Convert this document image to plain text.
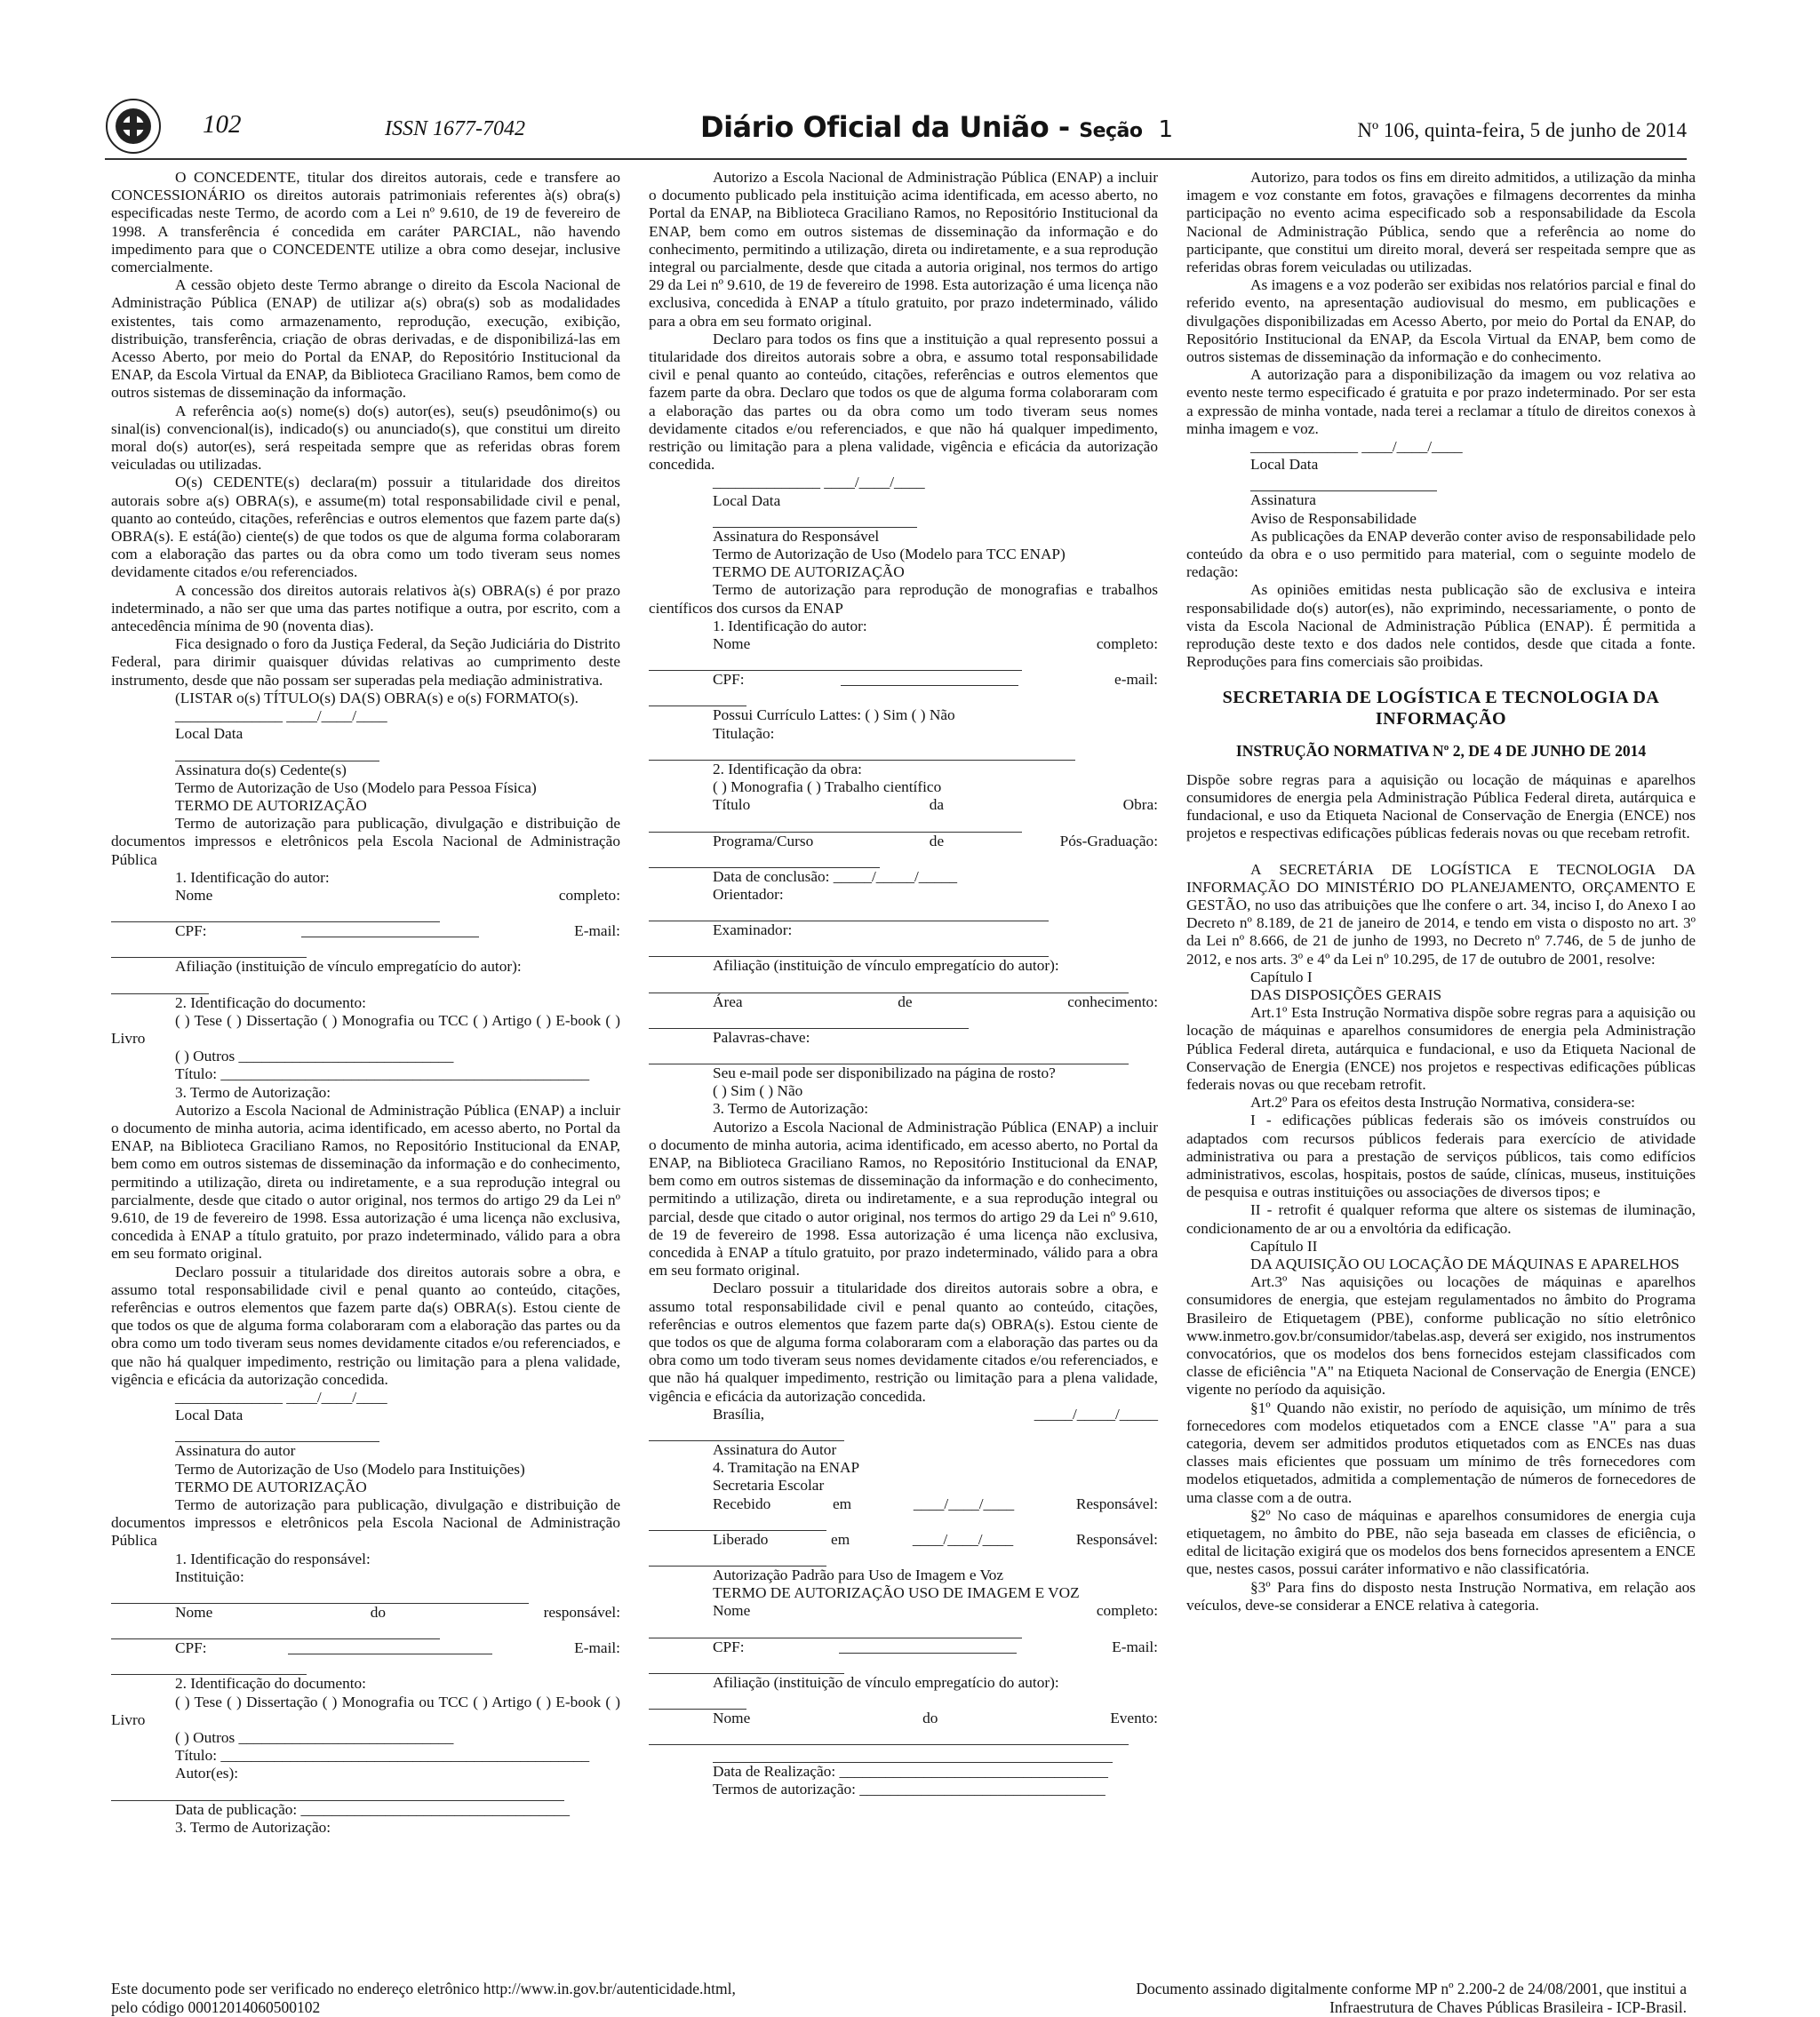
102	ISSN 1677-7042	Diário Oficial da União - Seção 1	Nº 106, quinta-feira, 5 de junho de 2014

O CONCEDENTE, titular dos direitos autorais, cede e transfere ao CONCESSIONÁRIO os direitos autorais patrimoniais referentes à(s) obra(s) especificadas neste Termo, de acordo com a Lei nº 9.610, de 19 de fevereiro de 1998. A transferência é concedida em caráter PARCIAL, não havendo impedimento para que o CONCEDENTE utilize a obra como desejar, inclusive comercialmente.

A cessão objeto deste Termo abrange o direito da Escola Nacional de Administração Pública (ENAP) de utilizar a(s) obra(s) sob as modalidades existentes, tais como armazenamento, reprodução, execução, exibição, distribuição, transferência, criação de obras derivadas, e de disponibilizá-las em Acesso Aberto, por meio do Portal da ENAP, do Repositório Institucional da ENAP, da Escola Virtual da ENAP, da Biblioteca Graciliano Ramos, bem como de outros sistemas de disseminação da informação.

A referência ao(s) nome(s) do(s) autor(es), seu(s) pseudônimo(s) ou sinal(is) convencional(is), indicado(s) ou anunciado(s), que constitui um direito moral do(s) autor(es), será respeitada sempre que as referidas obras forem veiculadas ou utilizadas.

O(s) CEDENTE(s) declara(m) possuir a titularidade dos direitos autorais sobre a(s) OBRA(s), e assume(m) total responsabilidade civil e penal, quanto ao conteúdo, citações, referências e outros elementos que fazem parte da(s) OBRA(s). E está(ão) ciente(s) de que todos os que de alguma forma colaboraram com a elaboração das partes ou da obra como um todo tiveram seus nomes devidamente citados e/ou referenciados.

A concessão dos direitos autorais relativos à(s) OBRA(s) é por prazo indeterminado, a não ser que uma das partes notifique a outra, por escrito, com a antecedência mínima de 90 (noventa dias).

Fica designado o foro da Justiça Federal, da Seção Judiciária do Distrito Federal, para dirimir quaisquer dúvidas relativas ao cumprimento deste instrumento, desde que não possam ser superadas pela mediação administrativa.

(LISTAR o(s) TÍTULO(s) DA(S) OBRA(s) e o(s) FORMATO(s).

______________ ____/____/____

Local Data

Assinatura do(s) Cedente(s)

Termo de Autorização de Uso (Modelo para Pessoa Física)

TERMO DE AUTORIZAÇÃO

Termo de autorização para publicação, divulgação e distribuição de documentos impressos e eletrônicos pela Escola Nacional de Administração Pública

1. Identificação do autor:

Nome	completo:
CPF:	E-mail:

Afiliação (instituição de vínculo empregatício do autor):

2. Identificação do documento:

( ) Tese ( ) Dissertação ( ) Monografia ou TCC ( ) Artigo ( ) E-book ( ) Livro

( ) Outros ____________________________

Título: ________________________________________________

3. Termo de Autorização:

Autorizo a Escola Nacional de Administração Pública (ENAP) a incluir o documento de minha autoria, acima identificado, em acesso aberto, no Portal da ENAP, na Biblioteca Graciliano Ramos, no Repositório Institucional da ENAP, bem como em outros sistemas de disseminação da informação e do conhecimento, permitindo a utilização, direta ou indiretamente, e a sua reprodução integral ou parcialmente, desde que citado o autor original, nos termos do artigo 29 da Lei nº 9.610, de 19 de fevereiro de 1998. Essa autorização é uma licença não exclusiva, concedida à ENAP a título gratuito, por prazo indeterminado, válido para a obra em seu formato original.

Declaro possuir a titularidade dos direitos autorais sobre a obra, e assumo total responsabilidade civil e penal quanto ao conteúdo, citações, referências e outros elementos que fazem parte da(s) OBRA(s). Estou ciente de que todos os que de alguma forma colaboraram com a elaboração das partes ou da obra como um todo tiveram seus nomes devidamente citados e/ou referenciados, e que não há qualquer impedimento, restrição ou limitação para a plena validade, vigência e eficácia da autorização concedida.

______________ ____/____/____

Local Data

Assinatura do autor

Termo de Autorização de Uso (Modelo para Instituições)

TERMO DE AUTORIZAÇÃO

Termo de autorização para publicação, divulgação e distribuição de documentos impressos e eletrônicos pela Escola Nacional de Administração Pública

1. Identificação do responsável:

Instituição:

Nome	do	responsável:
CPF:	E-mail:

2. Identificação do documento:

( ) Tese ( ) Dissertação ( ) Monografia ou TCC ( ) Artigo ( ) E-book ( ) Livro

( ) Outros ____________________________

Título: ________________________________________________

Autor(es):

Data de publicação: ___________________________________

3. Termo de Autorização:

Autorizo a Escola Nacional de Administração Pública (ENAP) a incluir o documento publicado pela instituição acima identificada, em acesso aberto, no Portal da ENAP, na Biblioteca Graciliano Ramos, no Repositório Institucional da ENAP, bem como em outros sistemas de disseminação da informação e do conhecimento, permitindo a utilização, direta ou indiretamente, e a sua reprodução integral ou parcialmente, desde que citada a autoria original, nos termos do artigo 29 da Lei nº 9.610, de 19 de fevereiro de 1998. Esta autorização é uma licença não exclusiva, concedida à ENAP a título gratuito, por prazo indeterminado, válido para a obra em seu formato original.

Declaro para todos os fins que a instituição a qual represento possui a titularidade dos direitos autorais sobre a obra, e assumo total responsabilidade civil e penal quanto ao conteúdo, citações, referências e outros elementos que fazem parte da obra. Declaro que todos os que de alguma forma colaboraram com a elaboração das partes ou da obra como um todo tiveram seus nomes devidamente citados e/ou referenciados, e que não há qualquer impedimento, restrição ou limitação para a plena validade, vigência e eficácia da autorização concedida.

______________ ____/____/____

Local Data

Assinatura do Responsável

Termo de Autorização de Uso (Modelo para TCC ENAP)

TERMO DE AUTORIZAÇÃO

Termo de autorização para reprodução de monografias e trabalhos científicos dos cursos da ENAP

1. Identificação do autor:

Nome	completo:
CPF:	e-mail:

Possui Currículo Lattes: ( ) Sim ( ) Não

Titulação:

2. Identificação da obra:

( ) Monografia ( ) Trabalho científico

Título	da	Obra:
Programa/Curso	de	Pós-Graduação:

Data de conclusão: _____/_____/_____

Orientador:

Examinador:

Afiliação (instituição de vínculo empregatício do autor):

Área	de	conhecimento:

Palavras-chave:

Seu e-mail pode ser disponibilizado na página de rosto?

( ) Sim ( ) Não

3. Termo de Autorização:

Autorizo a Escola Nacional de Administração Pública (ENAP) a incluir o documento de minha autoria, acima identificado, em acesso aberto, no Portal da ENAP, na Biblioteca Graciliano Ramos, no Repositório Institucional da ENAP, bem como em outros sistemas de disseminação da informação e do conhecimento, permitindo a utilização, direta ou indiretamente, e a sua reprodução integral ou parcial, desde que citado o autor original, nos termos do artigo 29 da Lei nº 9.610, de 19 de fevereiro de 1998. Essa autorização é uma licença não exclusiva, concedida à ENAP a título gratuito, por prazo indeterminado, válido para a obra em seu formato original.

Declaro possuir a titularidade dos direitos autorais sobre a obra, e assumo total responsabilidade civil e penal quanto ao conteúdo, citações, referências e outros elementos que fazem parte da(s) OBRA(s). Estou ciente de que todos os que de alguma forma colaboraram com a elaboração das partes ou da obra como um todo tiveram seus nomes devidamente citados e/ou referenciados, e que não há qualquer impedimento, restrição ou limitação para a plena validade, vigência e eficácia da autorização concedida.

Brasília,	_____/_____/_____

Assinatura do Autor

4. Tramitação na ENAP

Secretaria Escolar

Recebido	em	____/____/____	Responsável:
Liberado	em	____/____/____	Responsável:

Autorização Padrão para Uso de Imagem e Voz

TERMO DE AUTORIZAÇÃO USO DE IMAGEM E VOZ

Nome	completo:
CPF:	E-mail:

Afiliação (instituição de vínculo empregatício do autor):

Nome	do	Evento:

Data de Realização: ___________________________________

Termos de autorização: ________________________________

Autorizo, para todos os fins em direito admitidos, a utilização da minha imagem e voz constante em fotos, gravações e filmagens decorrentes da minha participação no evento acima especificado sob a responsabilidade da Escola Nacional de Administração Pública, sendo que a referência ao nome do participante, que constitui um direito moral, deverá ser respeitada sempre que as referidas obras forem veiculadas ou utilizadas.

As imagens e a voz poderão ser exibidas nos relatórios parcial e final do referido evento, na apresentação audiovisual do mesmo, em publicações e divulgações disponibilizadas em Acesso Aberto, por meio do Portal da ENAP, do Repositório Institucional da ENAP, da Escola Virtual da ENAP, bem como de outros sistemas de disseminação da informação e do conhecimento.

A autorização para a disponibilização da imagem ou voz relativa ao evento neste termo especificado é gratuita e por prazo indeterminado. Por ser esta a expressão de minha vontade, nada terei a reclamar a título de direitos conexos à minha imagem e voz.

______________ ____/____/____

Local Data

Assinatura

Aviso de Responsabilidade

As publicações da ENAP deverão conter aviso de responsabilidade pelo conteúdo da obra e o uso permitido para material, com o seguinte modelo de redação:

As opiniões emitidas nesta publicação são de exclusiva e inteira responsabilidade do(s) autor(es), não exprimindo, necessariamente, o ponto de vista da Escola Nacional de Administração Pública (ENAP). É permitida a reprodução deste texto e dos dados nele contidos, desde que citada a fonte. Reproduções para fins comerciais são proibidas.

SECRETARIA DE LOGÍSTICA E TECNOLOGIA DA INFORMAÇÃO
INSTRUÇÃO NORMATIVA Nº 2, DE 4 DE JUNHO DE 2014

Dispõe sobre regras para a aquisição ou locação de máquinas e aparelhos consumidores de energia pela Administração Pública Federal direta, autárquica e fundacional, e uso da Etiqueta Nacional de Conservação de Energia (ENCE) nos projetos e respectivas edificações públicas federais novas ou que recebam retrofit.

A SECRETÁRIA DE LOGÍSTICA E TECNOLOGIA DA INFORMAÇÃO DO MINISTÉRIO DO PLANEJAMENTO, ORÇAMENTO E GESTÃO, no uso das atribuições que lhe confere o art. 34, inciso I, do Anexo I ao Decreto nº 8.189, de 21 de janeiro de 2014, e tendo em vista o disposto no art. 3º da Lei nº 8.666, de 21 de junho de 1993, no Decreto nº 7.746, de 5 de junho de 2012, e nos arts. 3º e 4º da Lei nº 10.295, de 17 de outubro de 2001, resolve:

Capítulo I

DAS DISPOSIÇÕES GERAIS

Art.1º Esta Instrução Normativa dispõe sobre regras para a aquisição ou locação de máquinas e aparelhos consumidores de energia pela Administração Pública Federal direta, autárquica e fundacional, e uso da Etiqueta Nacional de Conservação de Energia (ENCE) nos projetos e respectivas edificações públicas federais novas ou que recebam retrofit.

Art.2º Para os efeitos desta Instrução Normativa, considera-se:

I - edificações públicas federais são os imóveis construídos ou adaptados com recursos públicos federais para exercício de atividade administrativa ou para a prestação de serviços públicos, tais como edifícios administrativos, escolas, hospitais, postos de saúde, clínicas, museus, instituições de pesquisa e outras instituições ou associações de diversos tipos; e

II - retrofit é qualquer reforma que altere os sistemas de iluminação, condicionamento de ar ou a envoltória da edificação.

Capítulo II

DA AQUISIÇÃO OU LOCAÇÃO DE MÁQUINAS E APARELHOS

Art.3º Nas aquisições ou locações de máquinas e aparelhos consumidores de energia, que estejam regulamentados no âmbito do Programa Brasileiro de Etiquetagem (PBE), conforme publicação no sítio eletrônico www.inmetro.gov.br/consumidor/tabelas.asp, deverá ser exigido, nos instrumentos convocatórios, que os modelos dos bens fornecidos estejam classificados com classe de eficiência "A" na Etiqueta Nacional de Conservação de Energia (ENCE) vigente no período da aquisição.

§1º Quando não existir, no período de aquisição, um mínimo de três fornecedores com modelos etiquetados com a ENCE classe "A" para a sua categoria, devem ser admitidos produtos etiquetados com as ENCEs nas duas classes mais eficientes que possuam um mínimo de três fornecedores com modelos etiquetados, admitida a complementação de números de fornecedores de uma classe com a de outra.

§2º No caso de máquinas e aparelhos consumidores de energia cuja etiquetagem, no âmbito do PBE, não seja baseada em classes de eficiência, o edital de licitação exigirá que os modelos dos bens fornecidos apresentem a ENCE que, nestes casos, possui caráter informativo e não classificatória.

§3º Para fins do disposto nesta Instrução Normativa, em relação aos veículos, deve-se considerar a ENCE relativa à categoria.

Este documento pode ser verificado no endereço eletrônico http://www.in.gov.br/autenticidade.html,
pelo código 00012014060500102
Documento assinado digitalmente conforme MP nº 2.200-2 de 24/08/2001, que institui a
Infraestrutura de Chaves Públicas Brasileira - ICP-Brasil.
